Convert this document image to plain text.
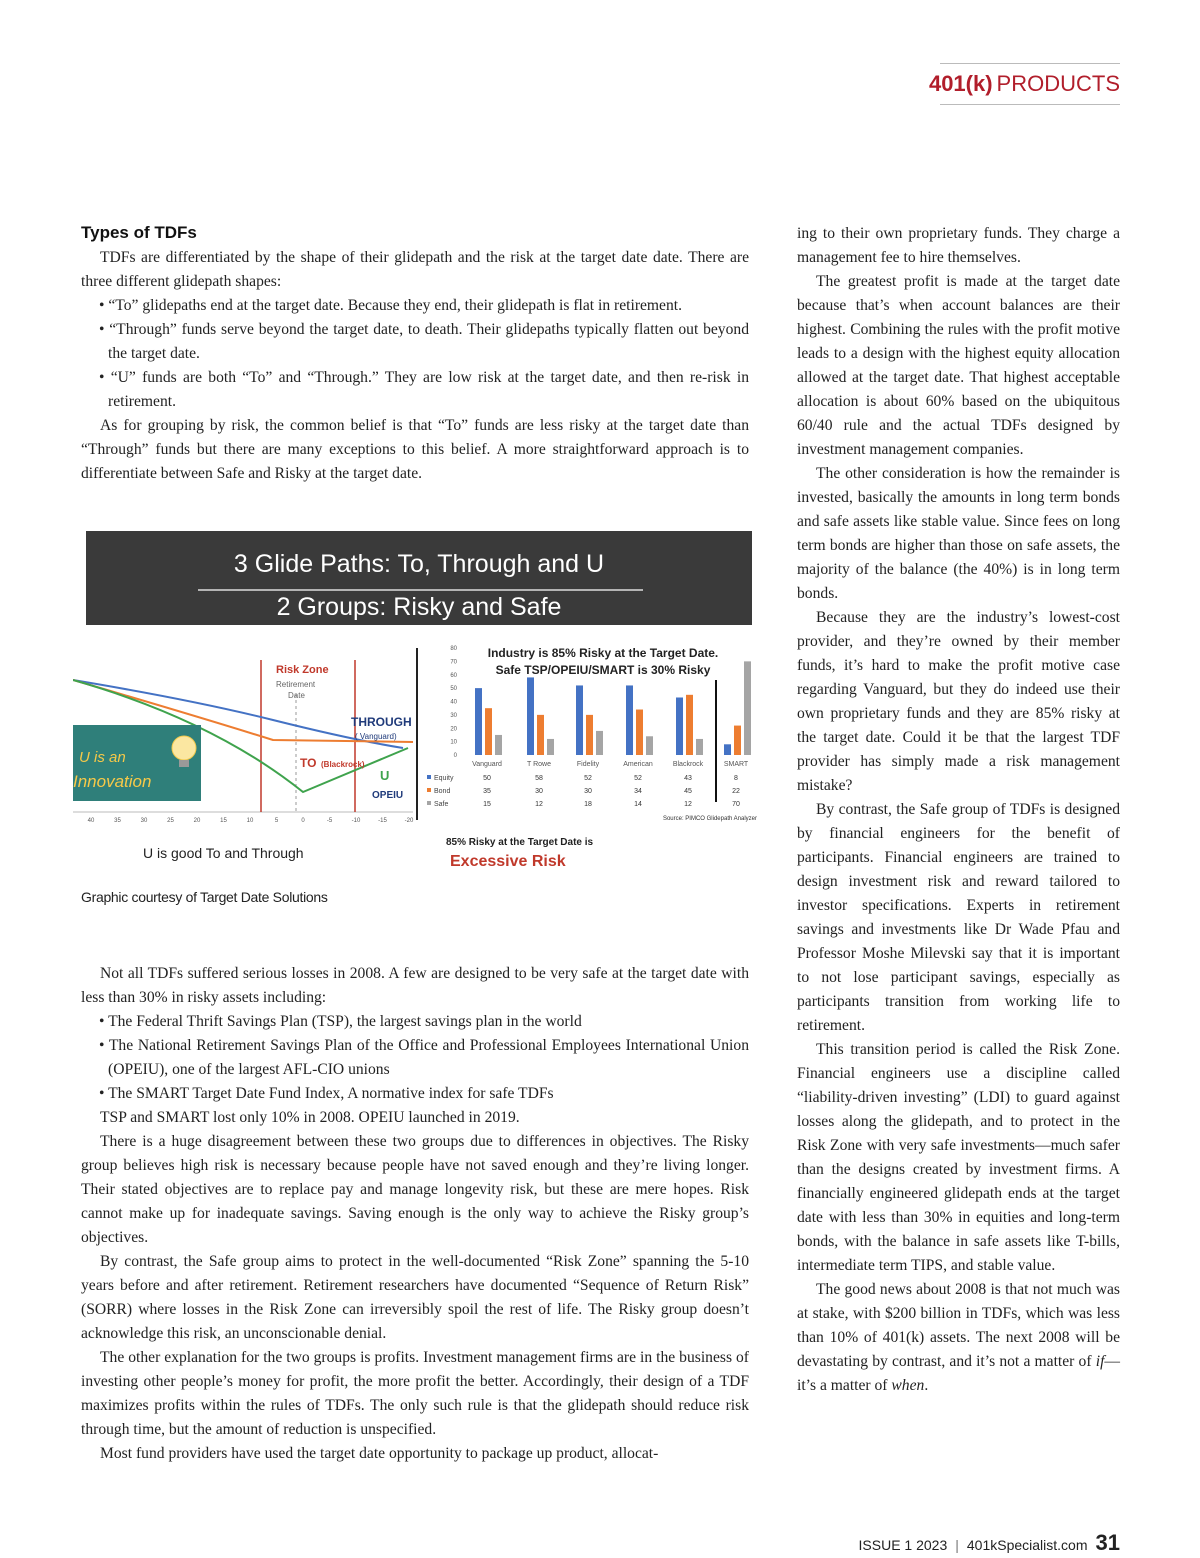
401(k) PRODUCTS
Types of TDFs

TDFs are differentiated by the shape of their glidepath and the risk at the target date date. There are three different glidepath shapes:

• “To” glidepaths end at the target date. Because they end, their glidepath is flat in retirement.

• “Through” funds serve beyond the target date, to death. Their glidepaths typically flatten out beyond the target date.

• “U” funds are both “To” and “Through.” They are low risk at the target date, and then re-risk in retirement.

As for grouping by risk, the common belief is that “To” funds are less risky at the target date than “Through” funds but there are many exceptions to this belief. A more straightforward approach is to differentiate between Safe and Risky at the target date.

3 Glide Paths: To, Through and U
2 Groups: Risky and Safe
Risk Zone
Retirement
Date
THROUGH
( Vanguard)
TO (Blackrock)
U
OPEIU
U is an
Innovation
40	35	30	25	20	15	10	5	0	-5	-10	-15	-20
U is good To and Through
Industry is 85% Risky at the Target Date.
Safe TSP/OPEIU/SMART is 30% Risky
80
70
60
50
40
30
20
10
0
Vanguard	T Rowe	Fidelity	American	Blackrock	SMART
Equity	50	58	52	52	43	8
Bond	35	30	30	34	45	22
Safe	15	12	18	14	12	70
Source: PIMCO Glidepath Analyzer
85% Risky at the Target Date is
Excessive Risk
Graphic courtesy of Target Date Solutions

Not all TDFs suffered serious losses in 2008. A few are designed to be very safe at the target date with less than 30% in risky assets including:

• The Federal Thrift Savings Plan (TSP), the largest savings plan in the world

• The National Retirement Savings Plan of the Office and Professional Employees International Union (OPEIU), one of the largest AFL-CIO unions

• The SMART Target Date Fund Index, A normative index for safe TDFs

TSP and SMART lost only 10% in 2008. OPEIU launched in 2019.

There is a huge disagreement between these two groups due to differences in objectives. The Risky group believes high risk is necessary because people have not saved enough and they’re living longer. Their stated objectives are to replace pay and manage longevity risk, but these are mere hopes. Risk cannot make up for inadequate savings. Saving enough is the only way to achieve the Risky group’s objectives.

By contrast, the Safe group aims to protect in the well-documented “Risk Zone” spanning the 5-10 years before and after retirement. Retirement researchers have documented “Sequence of Return Risk” (SORR) where losses in the Risk Zone can irreversibly spoil the rest of life. The Risky group doesn’t acknowledge this risk, an unconscionable denial.

The other explanation for the two groups is profits. Investment management firms are in the business of investing other people’s money for profit, the more profit the better. Accordingly, their design of a TDF maximizes profits within the rules of TDFs. The only such rule is that the glidepath should reduce risk through time, but the amount of reduction is unspecified.

Most fund providers have used the target date opportunity to package up product, allocat-

ing to their own proprietary funds. They charge a management fee to hire themselves.

The greatest profit is made at the target date because that’s when account balances are their highest. Combining the rules with the profit motive leads to a design with the highest equity allocation allowed at the target date. That highest acceptable allocation is about 60% based on the ubiquitous 60/40 rule and the actual TDFs designed by investment management companies.

The other consideration is how the remainder is invested, basically the amounts in long term bonds and safe assets like stable value. Since fees on long term bonds are higher than those on safe assets, the majority of the balance (the 40%) is in long term bonds.

Because they are the industry’s lowest-cost provider, and they’re owned by their member funds, it’s hard to make the profit motive case regarding Vanguard, but they do indeed use their own proprietary funds and they are 85% risky at the target date. Could it be that the largest TDF provider has simply made a risk management mistake?

By contrast, the Safe group of TDFs is designed by financial engineers for the benefit of participants. Financial engineers are trained to design investment risk and reward tailored to investor specifications. Experts in retirement savings and investments like Dr Wade Pfau and Professor Moshe Milevski say that it is important to not lose participant savings, especially as participants transition from working life to retirement.

This transition period is called the Risk Zone. Financial engineers use a discipline called “liability-driven investing” (LDI) to guard against losses along the glidepath, and to protect in the Risk Zone with very safe investments—much safer than the designs created by investment firms. A financially engineered glidepath ends at the target date with less than 30% in equities and long-term bonds, with the balance in safe assets like T-bills, intermediate term TIPS, and stable value.

The good news about 2008 is that not much was at stake, with $200 billion in TDFs, which was less than 10% of 401(k) assets. The next 2008 will be devastating by contrast, and it’s not a matter of if—it’s a matter of when.

ISSUE 1 2023 | 401kSpecialist.com 31
